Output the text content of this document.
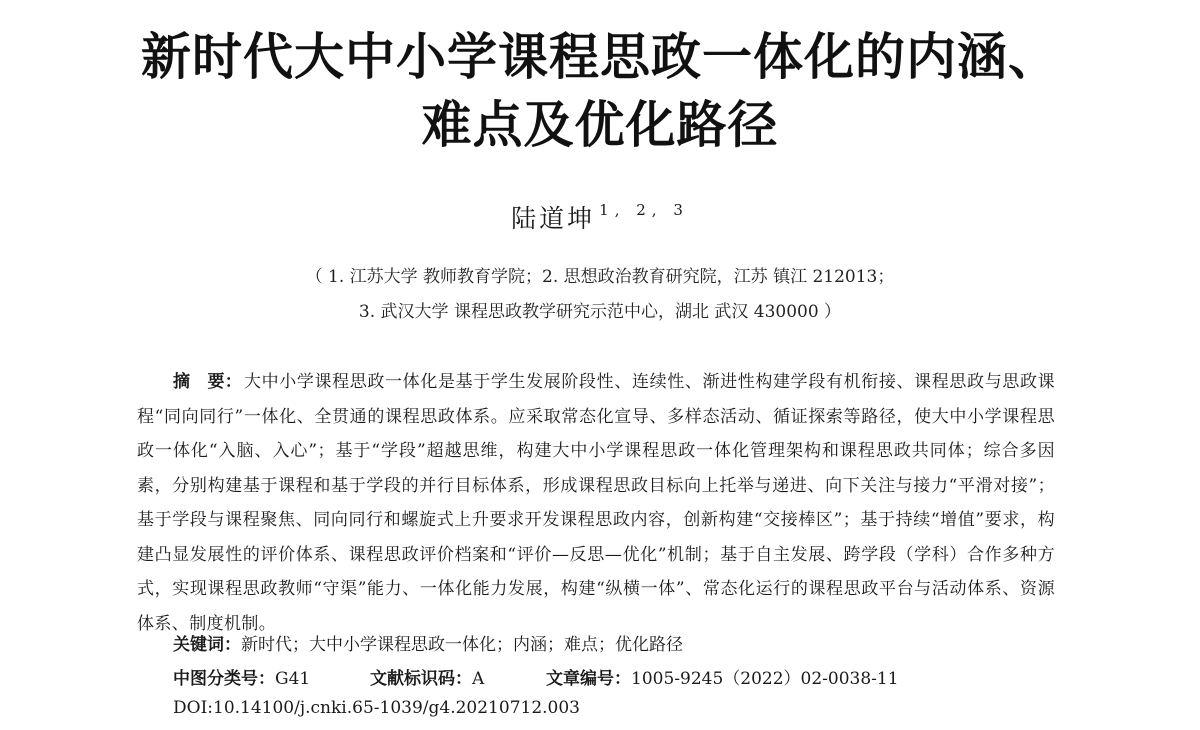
新时代大中小学课程思政一体化的内涵、
难点及优化路径
陆道坤 $^{1, 2, 3}$
（ 1. 江苏大学 教师教育学院；2. 思想政治教育研究院，江苏 镇江 212013；
3. 武汉大学 课程思政教学研究示范中心，湖北 武汉 430000 ）
摘　要： 大中小学课程思政一体化是基于学生发展阶段性、连续性、渐进性构建学段有机衔接、课程思政与思政课程“同向同行”一体化、全贯通的课程思政体系。应采取常态化宣导、多样态活动、循证探索等路径，使大中小学课程思政一体化“入脑、入心”；基于“学段”超越思维，构建大中小学课程思政一体化管理架构和课程思政共同体；综合多因素，分别构建基于课程和基于学段的并行目标体系，形成课程思政目标向上托举与递进、向下关注与接力“平滑对接”；基于学段与课程聚焦、同向同行和螺旋式上升要求开发课程思政内容，创新构建“交接棒区”；基于持续“增值”要求，构建凸显发展性的评价体系、课程思政评价档案和“评价—反思—优化”机制；基于自主发展、跨学段（学科）合作多种方式，实现课程思政教师“守渠”能力、一体化能力发展，构建“纵横一体”、常态化运行的课程思政平台与活动体系、资源体系、制度机制。
关键词：新时代；大中小学课程思政一体化；内涵；难点；优化路径
中图分类号：G41	文献标识码：A	文章编号：1005-9245（2022）02-0038-11
DOI:10.14100/j.cnki.65-1039/g4.20210712.003
